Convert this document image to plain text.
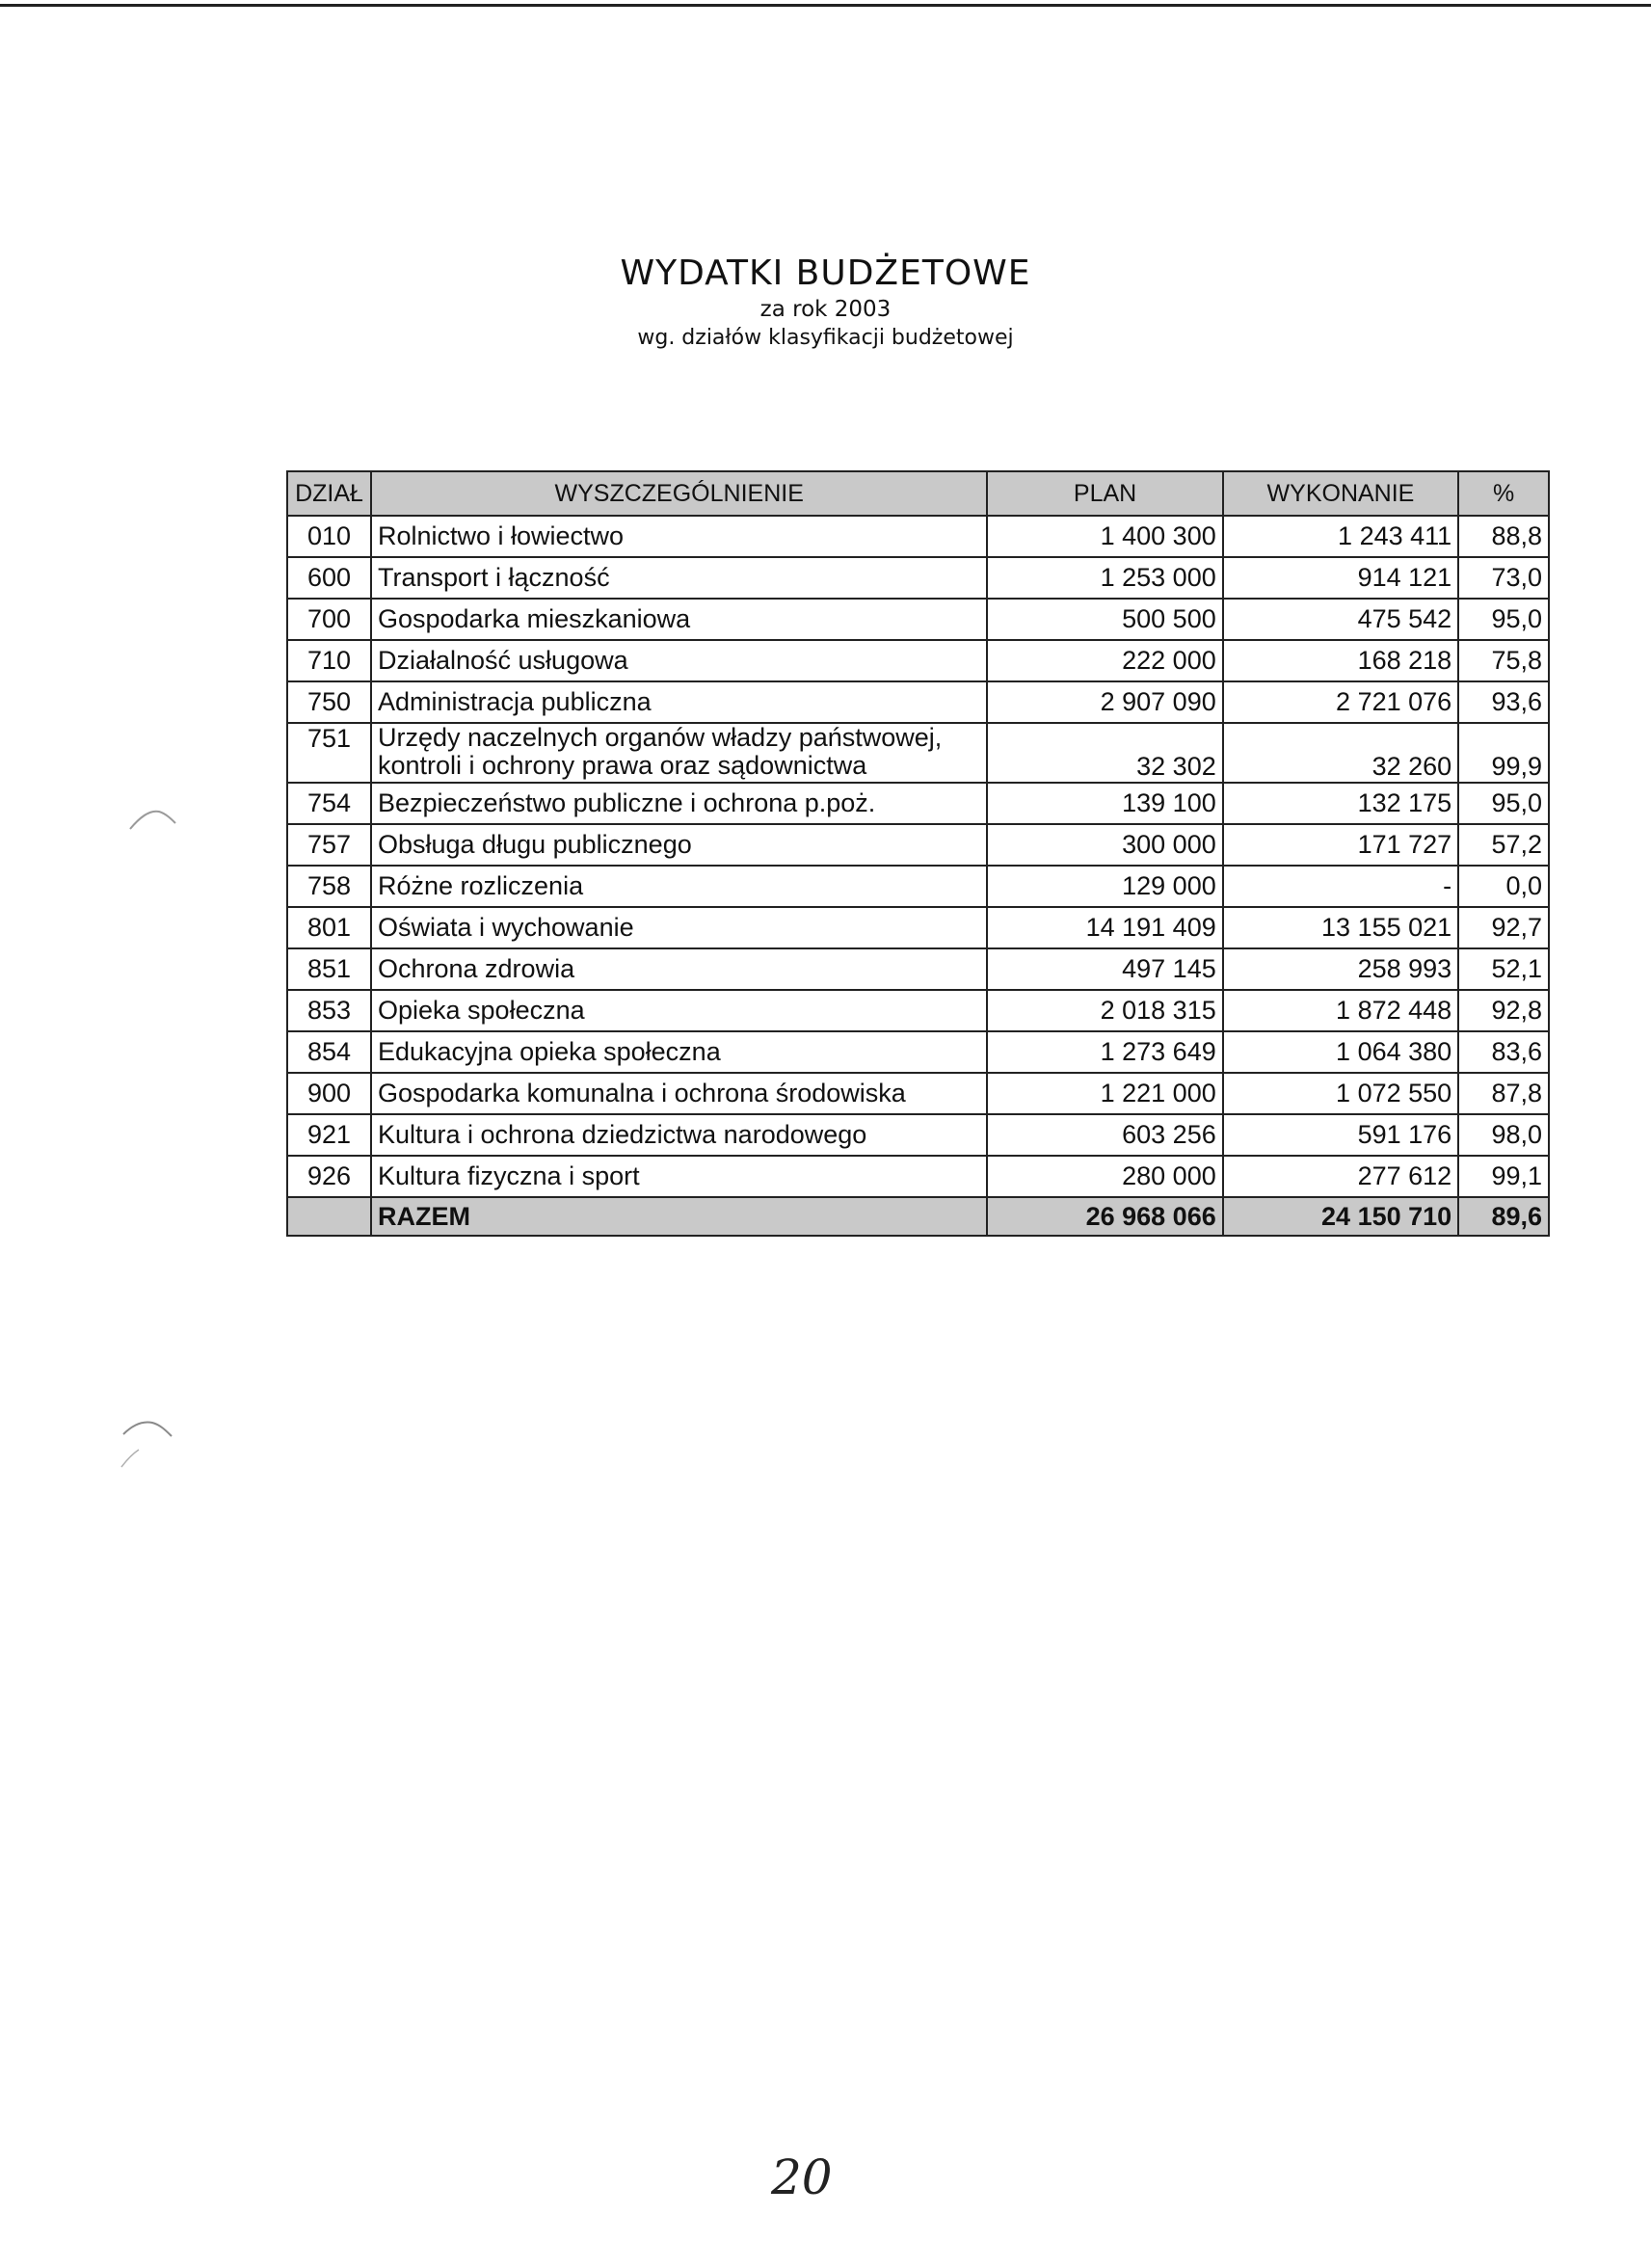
WYDATKI BUDŻETOWE
za rok 2003
wg. działów klasyfikacji budżetowej
DZIAŁ	WYSZCZEGÓLNIENIE	PLAN	WYKONANIE	%
010	Rolnictwo i łowiectwo	1 400 300	1 243 411	88,8
600	Transport i łączność	1 253 000	914 121	73,0
700	Gospodarka mieszkaniowa	500 500	475 542	95,0
710	Działalność usługowa	222 000	168 218	75,8
750	Administracja publiczna	2 907 090	2 721 076	93,6
751	Urzędy naczelnych organów władzy państwowej, kontroli i ochrony prawa oraz sądownictwa	32 302	32 260	99,9
754	Bezpieczeństwo publiczne i ochrona p.poż.	139 100	132 175	95,0
757	Obsługa długu publicznego	300 000	171 727	57,2
758	Różne rozliczenia	129 000	-	0,0
801	Oświata i wychowanie	14 191 409	13 155 021	92,7
851	Ochrona zdrowia	497 145	258 993	52,1
853	Opieka społeczna	2 018 315	1 872 448	92,8
854	Edukacyjna opieka społeczna	1 273 649	1 064 380	83,6
900	Gospodarka komunalna i ochrona środowiska	1 221 000	1 072 550	87,8
921	Kultura i ochrona dziedzictwa narodowego	603 256	591 176	98,0
926	Kultura fizyczna i sport	280 000	277 612	99,1
	RAZEM	26 968 066	24 150 710	89,6
20
